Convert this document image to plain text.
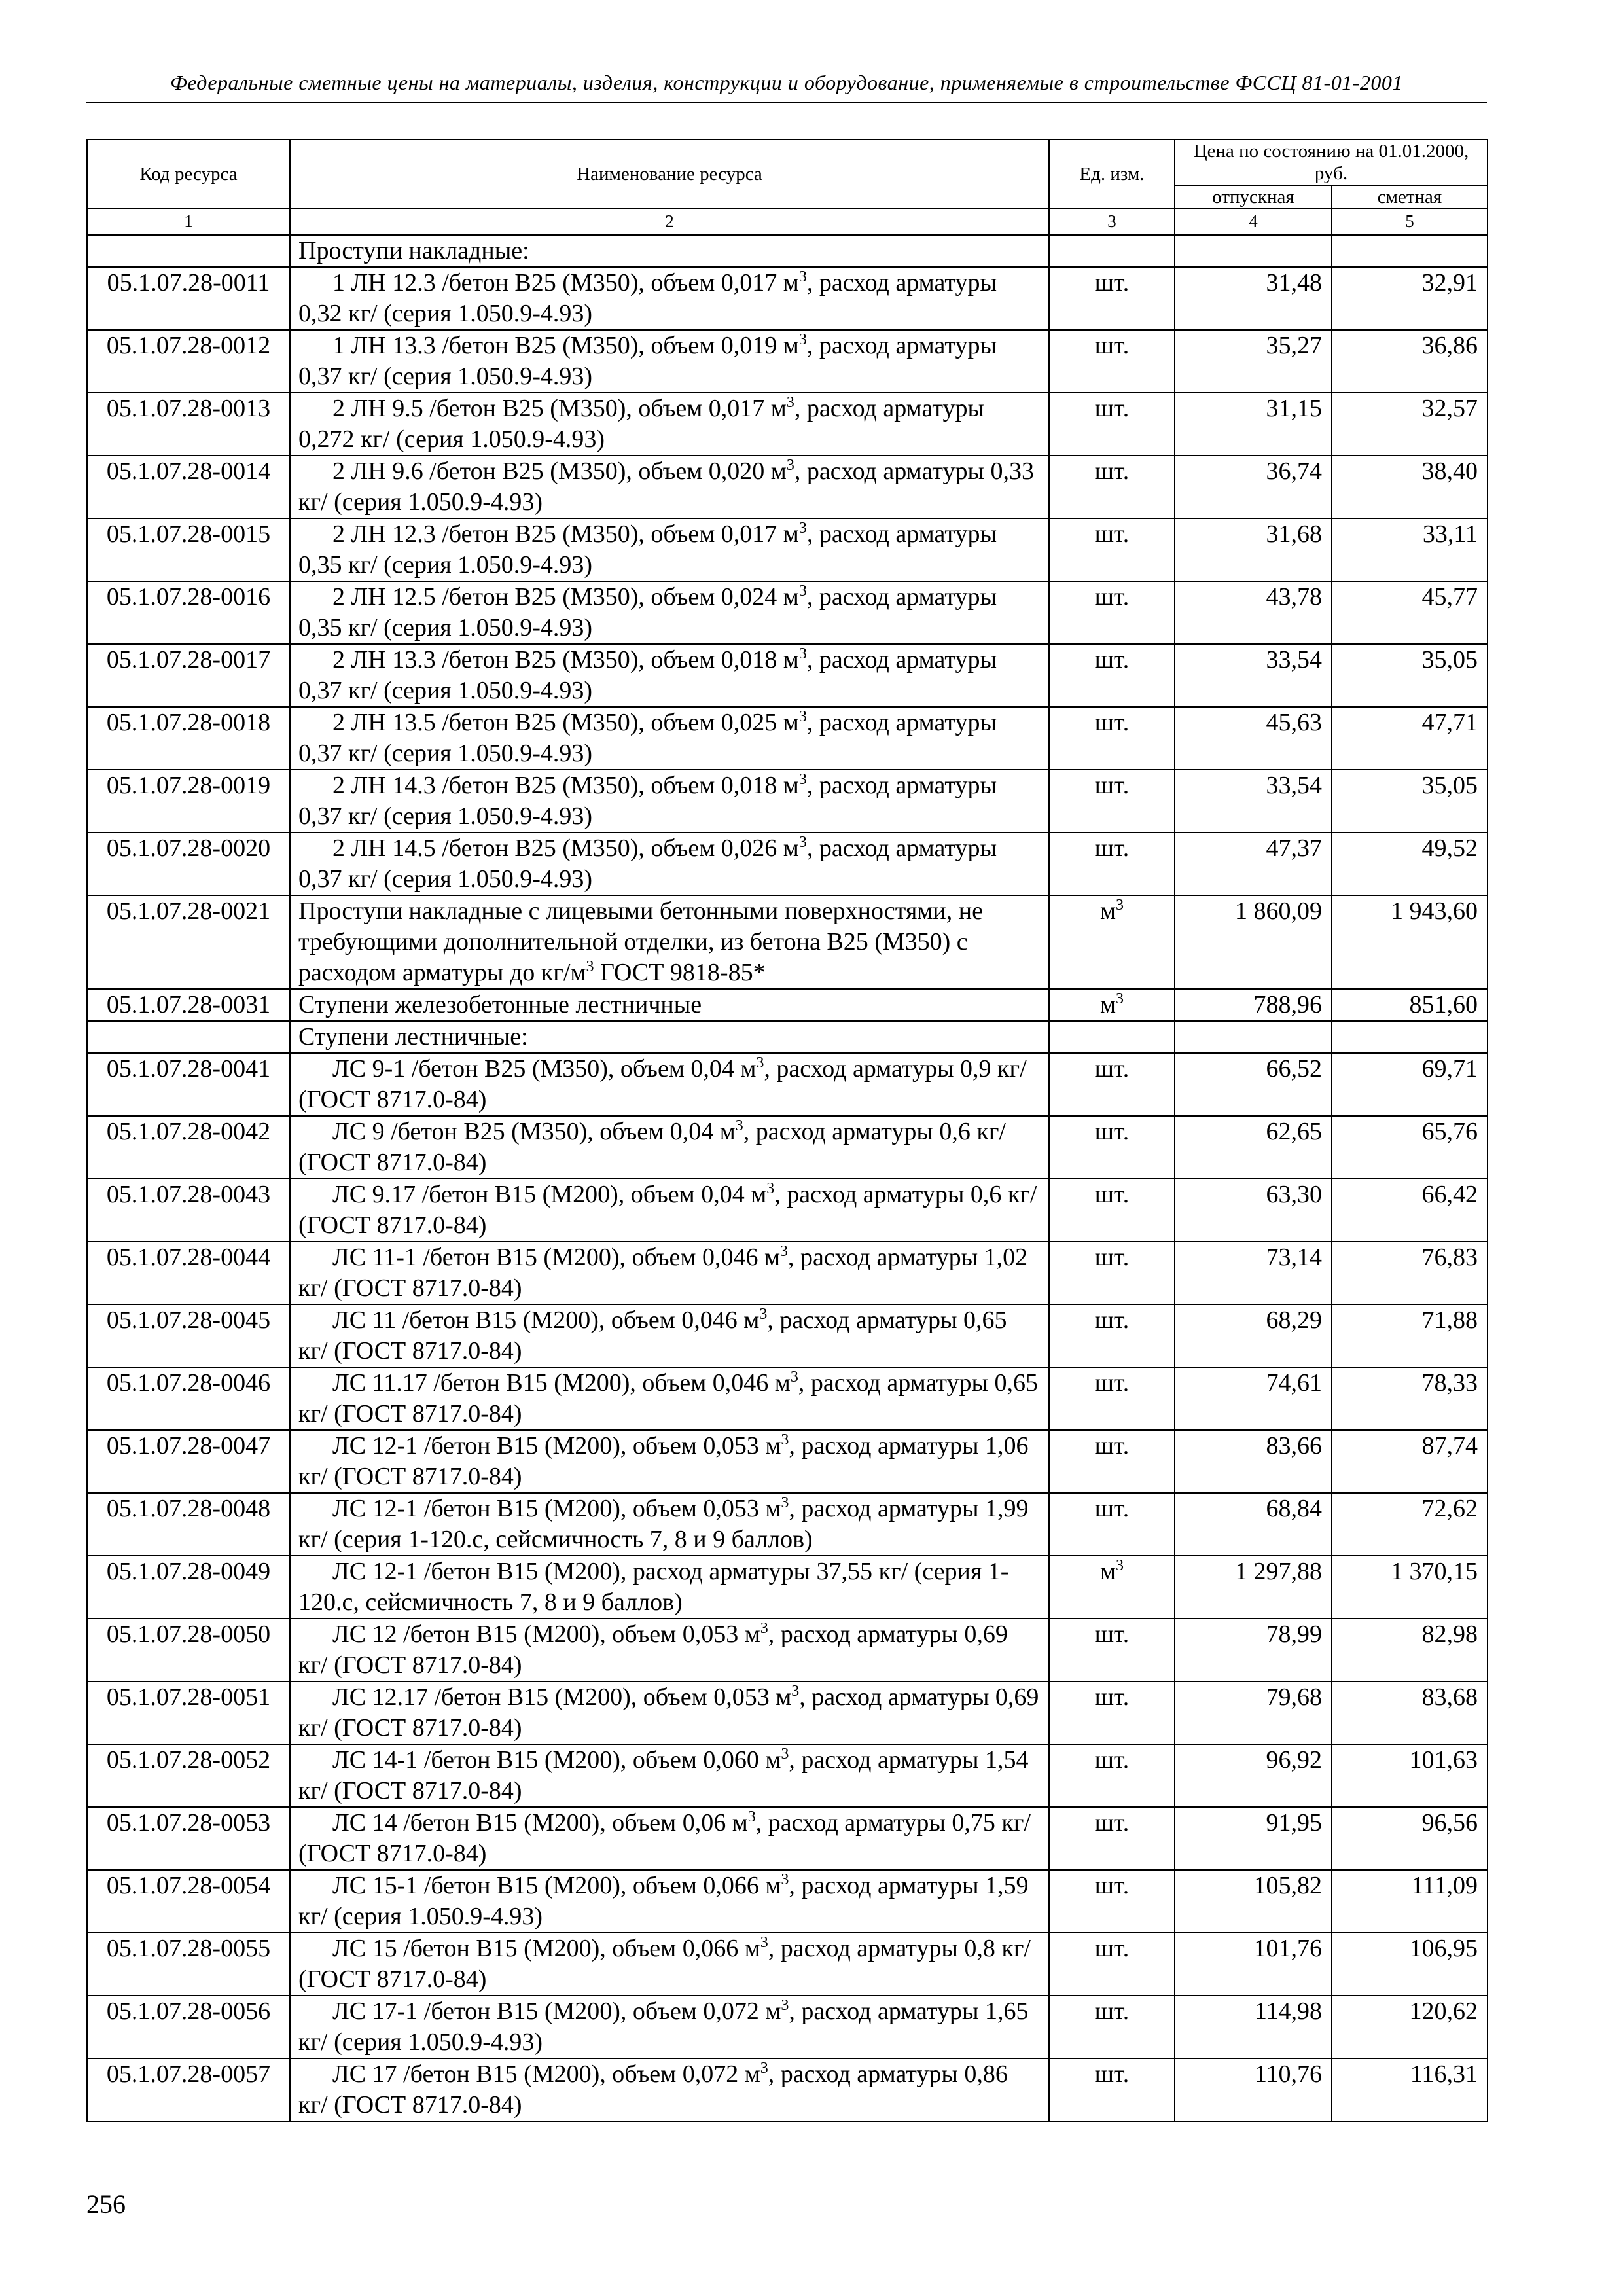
Федеральные сметные цены на материалы, изделия, конструкции и оборудование, применяемые в строительстве ФССЦ 81-01-2001
Код ресурса	Наименование ресурса	Ед. изм.	Цена по состоянию на 01.01.2000, руб.	
			отпускная	сметная
1	2	3	4	5
	Проступи накладные:			
05.1.07.28-0011	1 ЛН 12.3 /бетон В25 (М350), объем 0,017 $м^3$, расход арматуры 0,32 кг/ (серия 1.050.9-4.93)	шт.	31,48	32,91
05.1.07.28-0012	1 ЛН 13.3 /бетон В25 (М350), объем 0,019 $м^3$, расход арматуры 0,37 кг/ (серия 1.050.9-4.93)	шт.	35,27	36,86
05.1.07.28-0013	2 ЛН 9.5 /бетон В25 (М350), объем 0,017 $м^3$, расход арматуры 0,272 кг/ (серия 1.050.9-4.93)	шт.	31,15	32,57
05.1.07.28-0014	2 ЛН 9.6 /бетон В25 (М350), объем 0,020 $м^3$, расход арматуры 0,33 кг/ (серия 1.050.9-4.93)	шт.	36,74	38,40
05.1.07.28-0015	2 ЛН 12.3 /бетон В25 (М350), объем 0,017 $м^3$, расход арматуры 0,35 кг/ (серия 1.050.9-4.93)	шт.	31,68	33,11
05.1.07.28-0016	2 ЛН 12.5 /бетон В25 (М350), объем 0,024 $м^3$, расход арматуры 0,35 кг/ (серия 1.050.9-4.93)	шт.	43,78	45,77
05.1.07.28-0017	2 ЛН 13.3 /бетон В25 (М350), объем 0,018 $м^3$, расход арматуры 0,37 кг/ (серия 1.050.9-4.93)	шт.	33,54	35,05
05.1.07.28-0018	2 ЛН 13.5 /бетон В25 (М350), объем 0,025 $м^3$, расход арматуры 0,37 кг/ (серия 1.050.9-4.93)	шт.	45,63	47,71
05.1.07.28-0019	2 ЛН 14.3 /бетон В25 (М350), объем 0,018 $м^3$, расход арматуры 0,37 кг/ (серия 1.050.9-4.93)	шт.	33,54	35,05
05.1.07.28-0020	2 ЛН 14.5 /бетон В25 (М350), объем 0,026 $м^3$, расход арматуры 0,37 кг/ (серия 1.050.9-4.93)	шт.	47,37	49,52
05.1.07.28-0021	Проступи накладные с лицевыми бетонными поверхностями, не требующими дополнительной отделки, из бетона В25 (М350) с расходом арматуры до $кг/м^3$ ГОСТ 9818-85*	$м^3$	1 860,09	1 943,60
05.1.07.28-0031	Ступени железобетонные лестничные	$м^3$	788,96	851,60
	Ступени лестничные:			
05.1.07.28-0041	ЛС 9-1 /бетон В25 (М350), объем 0,04 $м^3$, расход арматуры 0,9 кг/ (ГОСТ 8717.0-84)	шт.	66,52	69,71
05.1.07.28-0042	ЛС 9 /бетон В25 (М350), объем 0,04 $м^3$, расход арматуры 0,6 кг/ (ГОСТ 8717.0-84)	шт.	62,65	65,76
05.1.07.28-0043	ЛС 9.17 /бетон В15 (М200), объем 0,04 $м^3$, расход арматуры 0,6 кг/ (ГОСТ 8717.0-84)	шт.	63,30	66,42
05.1.07.28-0044	ЛС 11-1 /бетон В15 (М200), объем 0,046 $м^3$, расход арматуры 1,02 кг/ (ГОСТ 8717.0-84)	шт.	73,14	76,83
05.1.07.28-0045	ЛС 11 /бетон В15 (М200), объем 0,046 $м^3$, расход арматуры 0,65 кг/ (ГОСТ 8717.0-84)	шт.	68,29	71,88
05.1.07.28-0046	ЛС 11.17 /бетон В15 (М200), объем 0,046 $м^3$, расход арматуры 0,65 кг/ (ГОСТ 8717.0-84)	шт.	74,61	78,33
05.1.07.28-0047	ЛС 12-1 /бетон В15 (М200), объем 0,053 $м^3$, расход арматуры 1,06 кг/ (ГОСТ 8717.0-84)	шт.	83,66	87,74
05.1.07.28-0048	ЛС 12-1 /бетон В15 (М200), объем 0,053 $м^3$, расход арматуры 1,99 кг/ (серия 1-120.с, сейсмичность 7, 8 и 9 баллов)	шт.	68,84	72,62
05.1.07.28-0049	ЛС 12-1 /бетон В15 (М200), расход арматуры 37,55 кг/ (серия 1-120.с, сейсмичность 7, 8 и 9 баллов)	$м^3$	1 297,88	1 370,15
05.1.07.28-0050	ЛС 12 /бетон В15 (М200), объем 0,053 $м^3$, расход арматуры 0,69 кг/ (ГОСТ 8717.0-84)	шт.	78,99	82,98
05.1.07.28-0051	ЛС 12.17 /бетон В15 (М200), объем 0,053 $м^3$, расход арматуры 0,69 кг/ (ГОСТ 8717.0-84)	шт.	79,68	83,68
05.1.07.28-0052	ЛС 14-1 /бетон В15 (М200), объем 0,060 $м^3$, расход арматуры 1,54 кг/ (ГОСТ 8717.0-84)	шт.	96,92	101,63
05.1.07.28-0053	ЛС 14 /бетон В15 (М200), объем 0,06 $м^3$, расход арматуры 0,75 кг/ (ГОСТ 8717.0-84)	шт.	91,95	96,56
05.1.07.28-0054	ЛС 15-1 /бетон В15 (М200), объем 0,066 $м^3$, расход арматуры 1,59 кг/ (серия 1.050.9-4.93)	шт.	105,82	111,09
05.1.07.28-0055	ЛС 15 /бетон В15 (М200), объем 0,066 $м^3$, расход арматуры 0,8 кг/ (ГОСТ 8717.0-84)	шт.	101,76	106,95
05.1.07.28-0056	ЛС 17-1 /бетон В15 (М200), объем 0,072 $м^3$, расход арматуры 1,65 кг/ (серия 1.050.9-4.93)	шт.	114,98	120,62
05.1.07.28-0057	ЛС 17 /бетон В15 (М200), объем 0,072 $м^3$, расход арматуры 0,86 кг/ (ГОСТ 8717.0-84)	шт.	110,76	116,31
256
